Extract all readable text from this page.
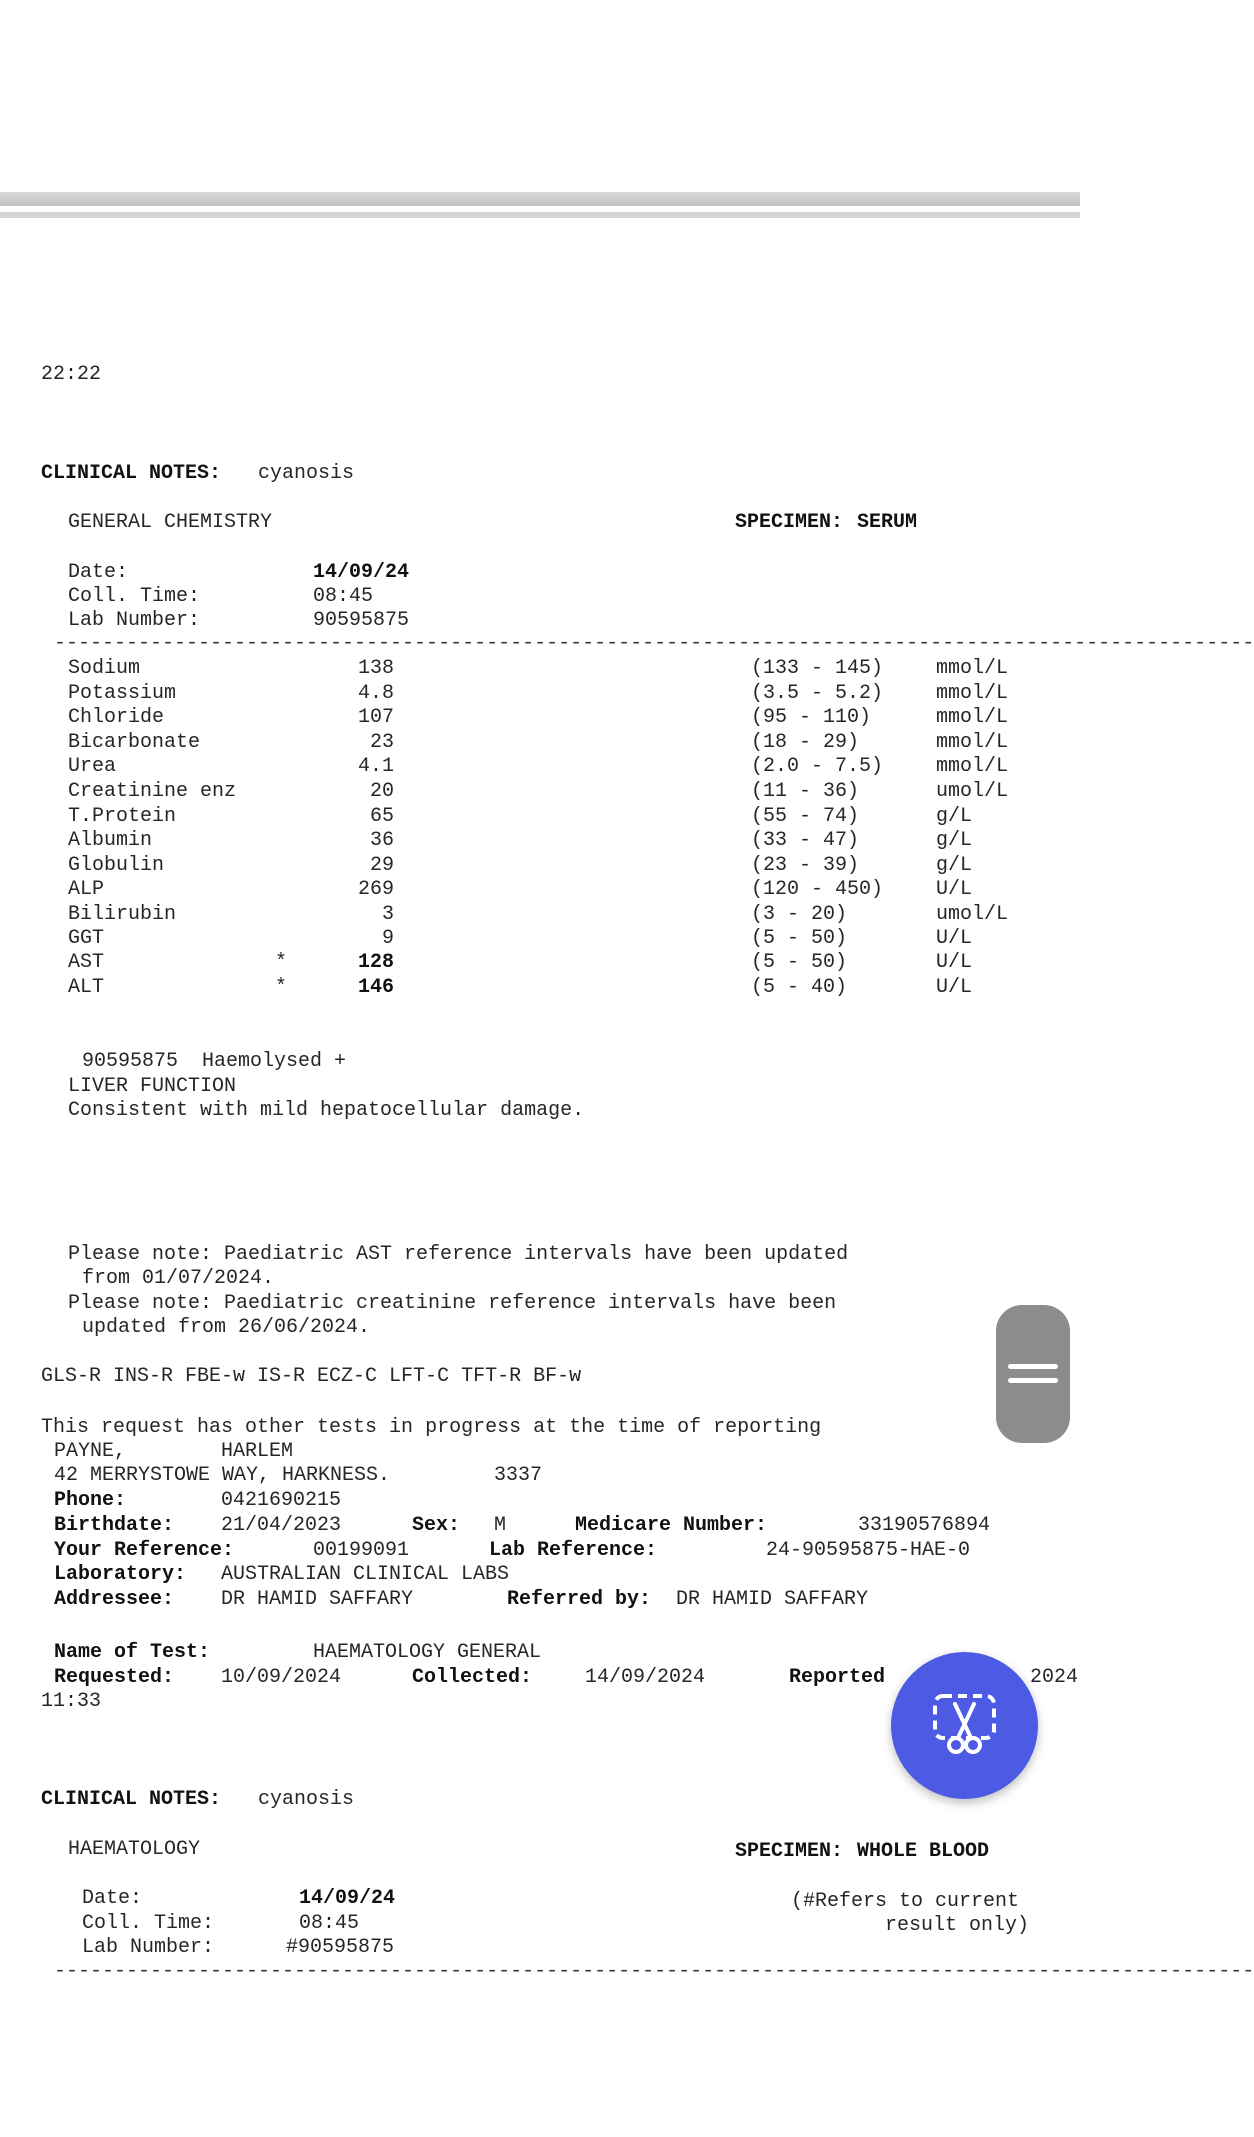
22:22
CLINICAL NOTES: cyanosis
GENERAL CHEMISTRY	SPECIMEN: SERUM
Date:	14/09/24
Coll. Time:	08:45
Lab Number:	90595875
----------------------------------------------------------------------------------------------------
Sodium	138	(133 - 145)	mmol/L
Potassium	4.8	(3.5 - 5.2)	mmol/L
Chloride	107	(95 - 110)	mmol/L
Bicarbonate	23	(18 - 29)	mmol/L
Urea	4.1	(2.0 - 7.5)	mmol/L
Creatinine enz	20	(11 - 36)	umol/L
T.Protein	65	(55 - 74)	g/L
Albumin	36	(33 - 47)	g/L
Globulin	29	(23 - 39)	g/L
ALP	269	(120 - 450)	U/L
Bilirubin	3	(3 - 20)	umol/L
GGT	9	(5 - 50)	U/L
AST	*	128	(5 - 50)	U/L
ALT	*	146	(5 - 40)	U/L
90595875  Haemolysed +
LIVER FUNCTION
Consistent with mild hepatocellular damage.
Please note: Paediatric AST reference intervals have been updated
from 01/07/2024.
Please note: Paediatric creatinine reference intervals have been
updated from 26/06/2024.
GLS-R INS-R FBE-w IS-R ECZ-C LFT-C TFT-R BF-w
This request has other tests in progress at the time of reporting
PAYNE,	HARLEM
42 MERRYSTOWE WAY, HARKNESS.	3337
Phone:	0421690215
Birthdate: 21/04/2023	Sex: M	Medicare Number:	33190576894
Your Reference:	00199091	Lab Reference:	24-90595875-HAE-0
Laboratory: AUSTRALIAN CLINICAL LABS
Addressee: DR HAMID SAFFARY	Referred by: DR HAMID SAFFARY
Name of Test:	HAEMATOLOGY GENERAL
Requested: 10/09/2024	Collected:	14/09/2024	Reported	2024
11:33
CLINICAL NOTES: cyanosis
HAEMATOLOGY	SPECIMEN: WHOLE BLOOD
Date:	14/09/24	(#Refers to current
Coll. Time:	08:45	result only)
Lab Number:	#90595875
----------------------------------------------------------------------------------------------------
